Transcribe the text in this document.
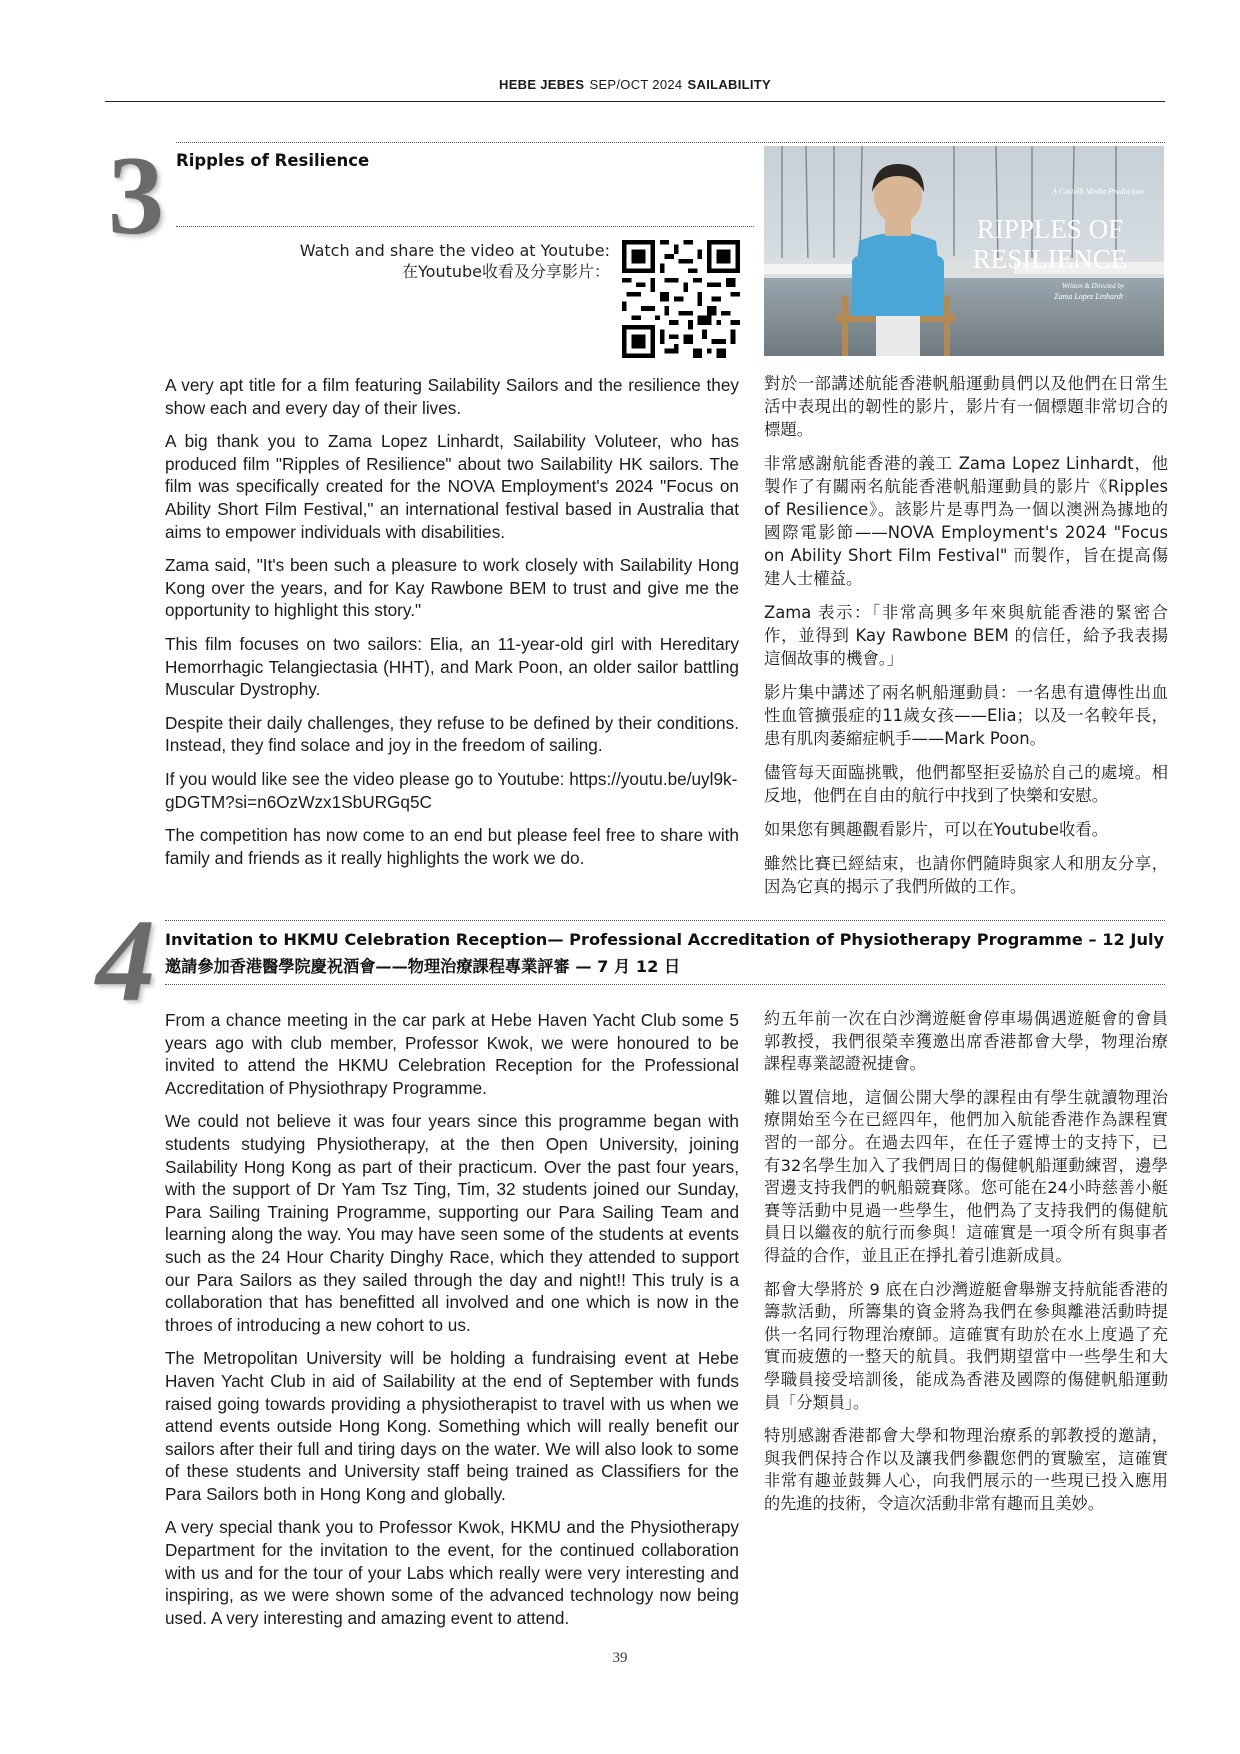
HEBE JEBES SEP/OCT 2024 SAILABILITY
3 Ripples of Resilience
Watch and share the video at Youtube:
在Youtube收看及分享影片：
A Castelli Media Production
RIPPLES OF
RESILIENCE
Written & Directed by
Zama Lopez Linhardt

A very apt title for a film featuring Sailability Sailors and the resilience they show each and every day of their lives.

A big thank you to Zama Lopez Linhardt, Sailability Voluteer, who has produced film "Ripples of Resilience" about two Sailability HK sailors. The film was specifically created for the NOVA Employment's 2024 "Focus on Ability Short Film Festival," an international festival based in Australia that aims to empower individuals with disabilities.

Zama said, "It's been such a pleasure to work closely with Sailability Hong Kong over the years, and for Kay Rawbone BEM to trust and give me the opportunity to highlight this story."

This film focuses on two sailors: Elia, an 11-year-old girl with Hereditary Hemorrhagic Telangiectasia (HHT), and Mark Poon, an older sailor battling Muscular Dystrophy.

Despite their daily challenges, they refuse to be defined by their conditions. Instead, they find solace and joy in the freedom of sailing.

If you would like see the video please go to Youtube: https://youtu.be/uyl9k-gDGTM?si=n6OzWzx1SbURGq5C

The competition has now come to an end but please feel free to share with family and friends as it really highlights the work we do.

對於一部講述航能香港帆船運動員們以及他們在日常生活中表現出的韌性的影片，影片有一個標題非常切合的標題。

非常感謝航能香港的義工 Zama Lopez Linhardt，他製作了有關兩名航能香港帆船運動員的影片《Ripples of Resilience》。該影片是專門為一個以澳洲為據地的國際電影節——NOVA Employment's 2024 "Focus on Ability Short Film Festival" 而製作，旨在提高傷建人士權益。

Zama 表示：「非常高興多年來與航能香港的緊密合作，並得到 Kay Rawbone BEM 的信任，給予我表揚這個故事的機會。」

影片集中講述了兩名帆船運動員：一名患有遺傳性出血性血管擴張症的11歲女孩——Elia；以及一名較年長，患有肌肉萎縮症帆手——Mark Poon。

儘管每天面臨挑戰，他們都堅拒妥協於自己的處境。相反地，他們在自由的航行中找到了快樂和安慰。

如果您有興趣觀看影片，可以在Youtube收看。

雖然比賽已經結束，也請你們隨時與家人和朋友分享，因為它真的揭示了我們所做的工作。

4 Invitation to HKMU Celebration Reception— Professional Accreditation of Physiotherapy Programme – 12 July
邀請參加香港醫學院慶祝酒會——物理治療課程專業評審 — 7 月 12 日

From a chance meeting in the car park at Hebe Haven Yacht Club some 5 years ago with club member, Professor Kwok, we were honoured to be invited to attend the HKMU Celebration Reception for the Professional Accreditation of Physiothrapy Programme.

We could not believe it was four years since this programme began with students studying Physiotherapy, at the then Open University, joining Sailability Hong Kong as part of their practicum. Over the past four years, with the support of Dr Yam Tsz Ting, Tim, 32 students joined our Sunday, Para Sailing Training Programme, supporting our Para Sailing Team and learning along the way. You may have seen some of the students at events such as the 24 Hour Charity Dinghy Race, which they attended to support our Para Sailors as they sailed through the day and night!! This truly is a collaboration that has benefitted all involved and one which is now in the throes of introducing a new cohort to us.

The Metropolitan University will be holding a fundraising event at Hebe Haven Yacht Club in aid of Sailability at the end of September with funds raised going towards providing a physiotherapist to travel with us when we attend events outside Hong Kong. Something which will really benefit our sailors after their full and tiring days on the water. We will also look to some of these students and University staff being trained as Classifiers for the Para Sailors both in Hong Kong and globally.

A very special thank you to Professor Kwok, HKMU and the Physiotherapy Department for the invitation to the event, for the continued collaboration with us and for the tour of your Labs which really were very interesting and inspiring, as we were shown some of the advanced technology now being used. A very interesting and amazing event to attend.

約五年前一次在白沙灣遊艇會停車場偶遇遊艇會的會員郭教授，我們很榮幸獲邀出席香港都會大學，物理治療課程專業認證祝捷會。

難以置信地，這個公開大學的課程由有學生就讀物理治療開始至今在已經四年，他們加入航能香港作為課程實習的一部分。在過去四年，在任子霆博士的支持下，已有32名學生加入了我們周日的傷健帆船運動練習，邊學習邊支持我們的帆船競賽隊。您可能在24小時慈善小艇賽等活動中見過一些學生，他們為了支持我們的傷健航員日以繼夜的航行而參與！這確實是一項令所有與事者得益的合作，並且正在掙扎着引進新成員。

都會大學將於 9 底在白沙灣遊艇會舉辦支持航能香港的籌款活動，所籌集的資金將為我們在參與離港活動時提供一名同行物理治療師。這確實有助於在水上度過了充實而疲憊的一整天的航員。我們期望當中一些學生和大學職員接受培訓後，能成為香港及國際的傷健帆船運動員「分類員」。

特別感謝香港都會大學和物理治療系的郭教授的邀請，與我們保持合作以及讓我們參觀您們的實驗室，這確實非常有趣並鼓舞人心，向我們展示的一些現已投入應用的先進的技術，令這次活動非常有趣而且美妙。

39
